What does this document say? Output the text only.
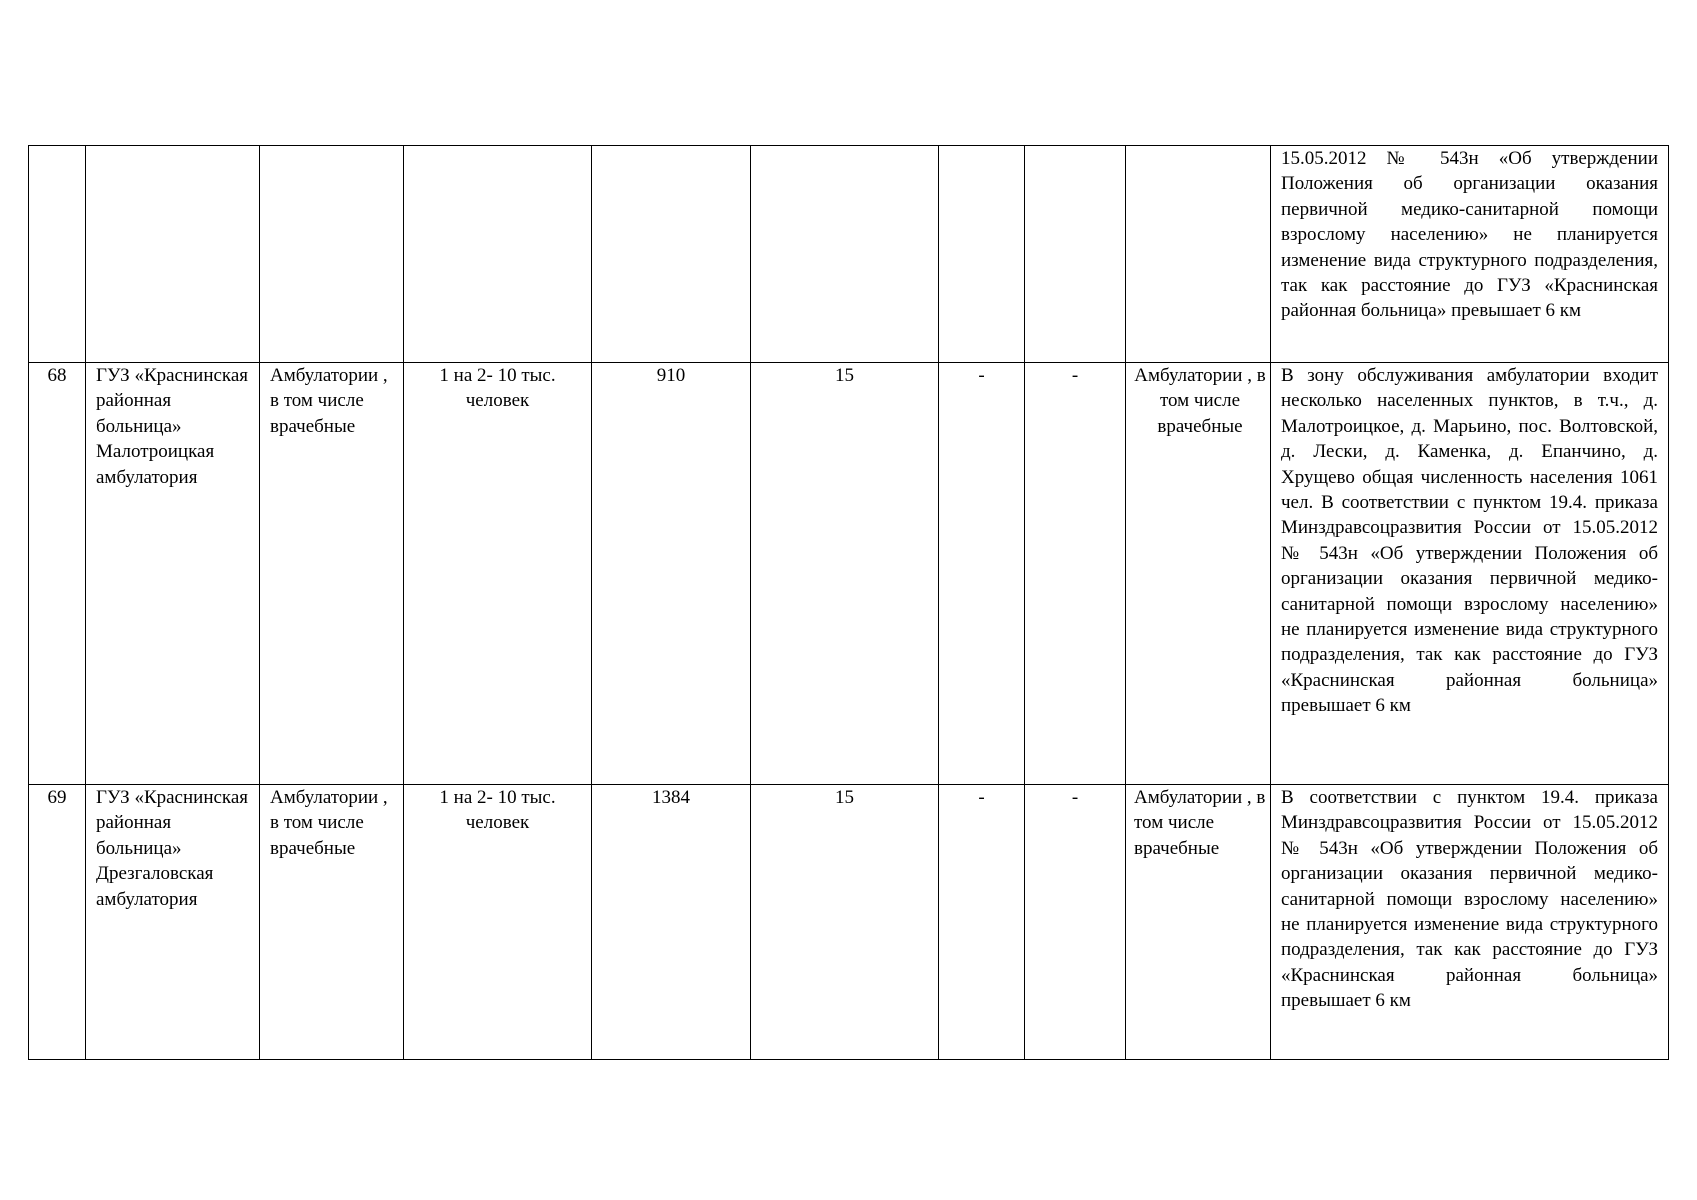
									15.05.2012 № 543н «Об утверждении Положения об организации оказания первичной медико-санитарной помощи взрослому населению» не планируется изменение вида структурного подразделения, так как расстояние до ГУЗ «Краснинская районная больница» превышает 6 км
68	ГУЗ «Краснинская районная больница» Малотроицкая амбулатория	Амбулатории , в том числе врачебные	1 на 2- 10 тыс. человек	910	15	-	-	Амбулатории , в том числе врачебные	В зону обслуживания амбулатории входит несколько населенных пунктов, в т.ч., д. Малотроицкое, д. Марьино, пос. Волтовской, д. Лески, д. Каменка, д. Епанчино, д. Хрущево общая численность населения 1061 чел. В соответствии с пунктом 19.4. приказа Минздравсоцразвития России от 15.05.2012 № 543н «Об утверждении Положения об организации оказания первичной медико-санитарной помощи взрослому населению» не планируется изменение вида структурного подразделения, так как расстояние до ГУЗ «Краснинская районная больница» превышает 6 км
69	ГУЗ «Краснинская районная больница» Дрезгаловская амбулатория	Амбулатории , в том числе врачебные	1 на 2- 10 тыс. человек	1384	15	-	-	Амбулатории , в том числе врачебные	В соответствии с пунктом 19.4. приказа Минздравсоцразвития России от 15.05.2012 № 543н «Об утверждении Положения об организации оказания первичной медико-санитарной помощи взрослому населению» не планируется изменение вида структурного подразделения, так как расстояние до ГУЗ «Краснинская районная больница» превышает 6 км
